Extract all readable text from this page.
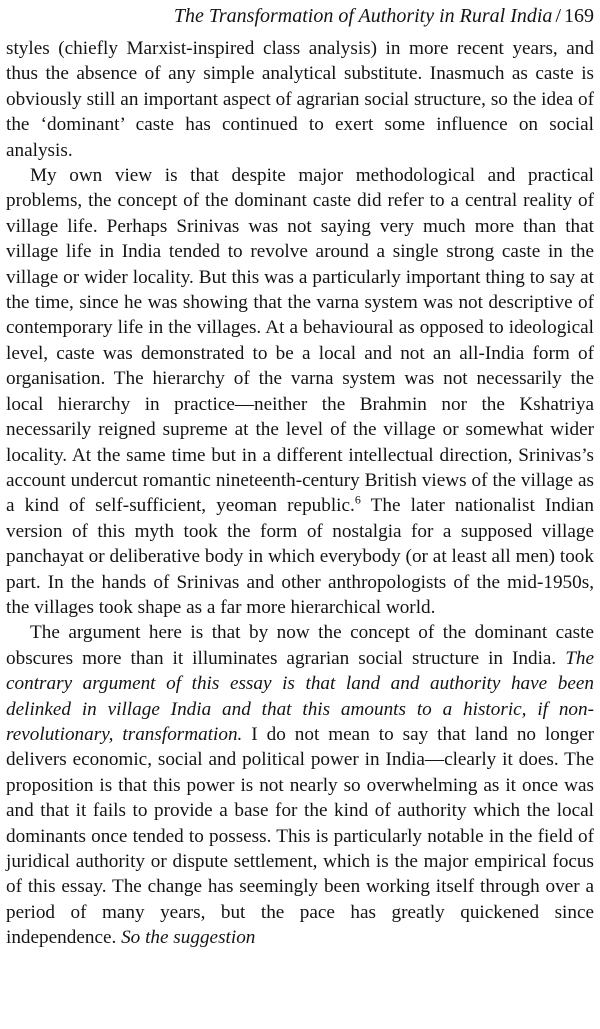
The Transformation of Authority in Rural India / 169

styles (chiefly Marxist-inspired class analysis) in more recent years, and thus the absence of any simple analytical substitute. Inasmuch as caste is obviously still an important aspect of agrarian social structure, so the idea of the ‘dominant’ caste has continued to exert some influence on social analysis.

My own view is that despite major methodological and practical problems, the concept of the dominant caste did refer to a central reality of village life. Perhaps Srinivas was not saying very much more than that village life in India tended to revolve around a single strong caste in the village or wider locality. But this was a particularly important thing to say at the time, since he was showing that the varna system was not descriptive of contemporary life in the villages. At a behavioural as opposed to ideological level, caste was demonstrated to be a local and not an all-India form of organisation. The hierarchy of the varna system was not necessarily the local hierarchy in practice—neither the Brahmin nor the Kshatriya necessarily reigned supreme at the level of the village or somewhat wider locality. At the same time but in a different intellectual direction, Srinivas’s account undercut romantic nineteenth-century British views of the village as a kind of self-sufficient, yeoman republic.$^6$ The later nationalist Indian version of this myth took the form of nostalgia for a supposed village panchayat or deliberative body in which everybody (or at least all men) took part. In the hands of Srinivas and other anthropologists of the mid-1950s, the villages took shape as a far more hierarchical world.

The argument here is that by now the concept of the dominant caste obscures more than it illuminates agrarian social structure in India. The contrary argument of this essay is that land and authority have been delinked in village India and that this amounts to a historic, if non-revolutionary, transformation. I do not mean to say that land no longer delivers economic, social and political power in India—clearly it does. The proposition is that this power is not nearly so overwhelming as it once was and that it fails to provide a base for the kind of authority which the local dominants once tended to possess. This is particularly notable in the field of juridical authority or dispute settlement, which is the major empirical focus of this essay. The change has seemingly been working itself through over a period of many years, but the pace has greatly quickened since independence. So the suggestion
